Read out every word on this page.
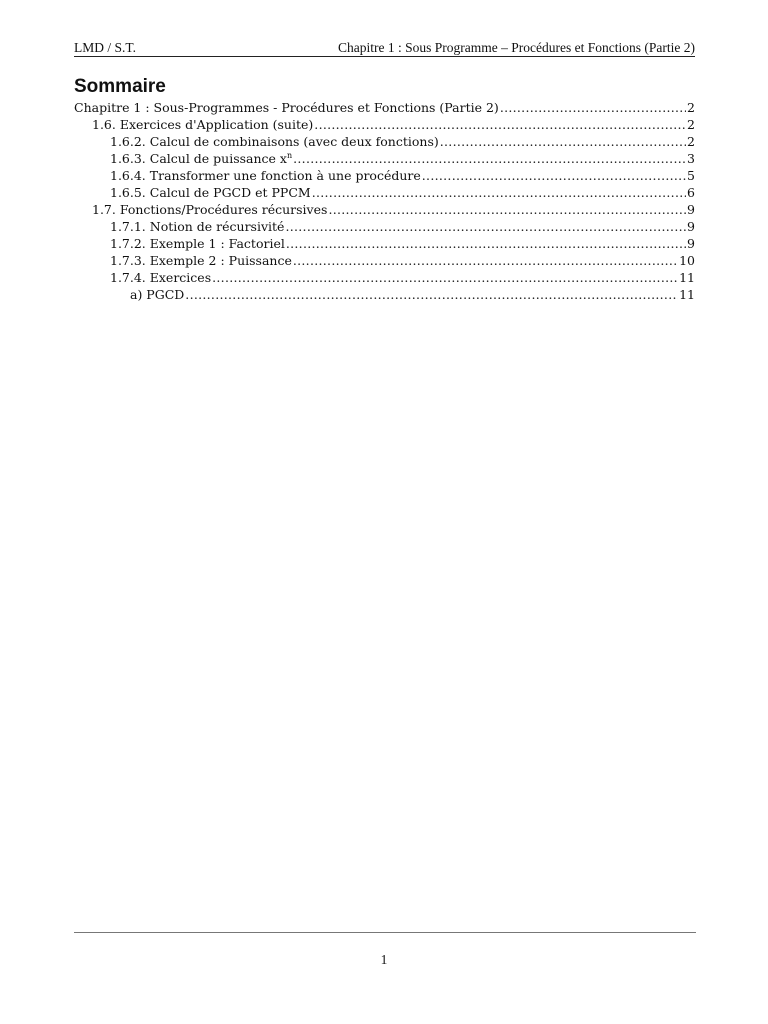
LMD / S.T.	Chapitre 1 : Sous Programme – Procédures et Fonctions (Partie 2)
Sommaire
Chapitre 1 : Sous-Programmes - Procédures et Fonctions (Partie 2) .....	2
1.6. Exercices d'Application (suite) .....	2
1.6.2. Calcul de combinaisons (avec deux fonctions) .....	2
1.6.3. Calcul de puissance $x^n$ .....	3
1.6.4. Transformer une fonction à une procédure .....	5
1.6.5. Calcul de PGCD et PPCM .....	6
1.7. Fonctions/Procédures récursives .....	9
1.7.1. Notion de récursivité .....	9
1.7.2. Exemple 1 : Factoriel .....	9
1.7.3. Exemple 2 : Puissance .....	10
1.7.4. Exercices .....	11
a) PGCD .....	11
1
